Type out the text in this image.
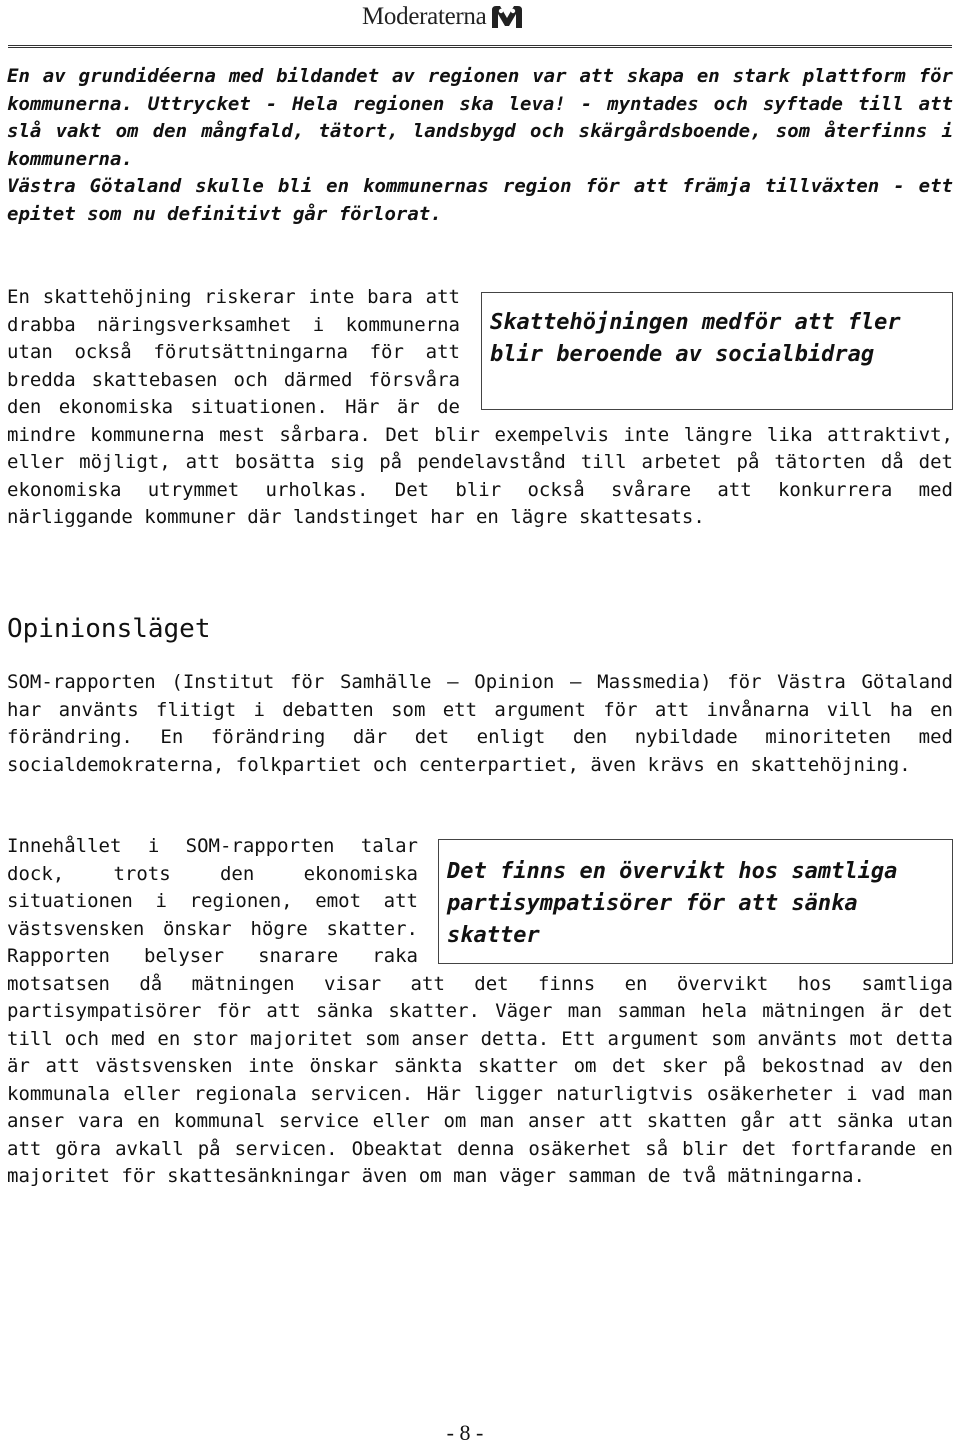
Moderaterna

En av grundidéerna med bildandet av regionen var att skapa en stark plattform för kommunerna. Uttrycket - Hela regionen ska leva! - myntades och syftade till att slå vakt om den mångfald, tätort, landsbygd och skärgårdsboende, som återfinns i kommunerna.

Västra Götaland skulle bli en kommunernas region för att främja tillväxten - ett epitet som nu definitivt går förlorat.

Skattehöjningen medför att fler blir beroende av socialbidrag
En skattehöjning riskerar inte bara att drabba näringsverksamhet i kommunerna utan också förutsättningarna för att bredda skattebasen och därmed försvåra den ekonomiska situationen. Här är de mindre kommunerna mest sårbara. Det blir exempelvis inte längre lika attraktivt, eller möjligt, att bosätta sig på pendelavstånd till arbetet på tätorten då det ekonomiska utrymmet urholkas. Det blir också svårare att konkurrera med närliggande kommuner där landstinget har en lägre skattesats.
Opinionsläget

SOM-rapporten (Institut för Samhälle – Opinion – Massmedia) för Västra Götaland har använts flitigt i debatten som ett argument för att invånarna vill ha en förändring. En förändring där det enligt den nybildade minoriteten med socialdemokraterna, folkpartiet och centerpartiet, även krävs en skattehöjning.

Det finns en övervikt hos samtliga partisympatisörer för att sänka skatter
Innehållet i SOM-rapporten talar dock, trots den ekonomiska situationen i regionen, emot att västsvensken önskar högre skatter. Rapporten belyser snarare raka motsatsen då mätningen visar att det finns en övervikt hos samtliga partisympatisörer för att sänka skatter. Väger man samman hela mätningen är det till och med en stor majoritet som anser detta. Ett argument som använts mot detta är att västsvensken inte önskar sänkta skatter om det sker på bekostnad av den kommunala eller regionala servicen. Här ligger naturligtvis osäkerheter i vad man anser vara en kommunal service eller om man anser att skatten går att sänka utan att göra avkall på servicen. Obeaktat denna osäkerhet så blir det fortfarande en majoritet för skattesänkningar även om man väger samman de två mätningarna.
- 8 -
